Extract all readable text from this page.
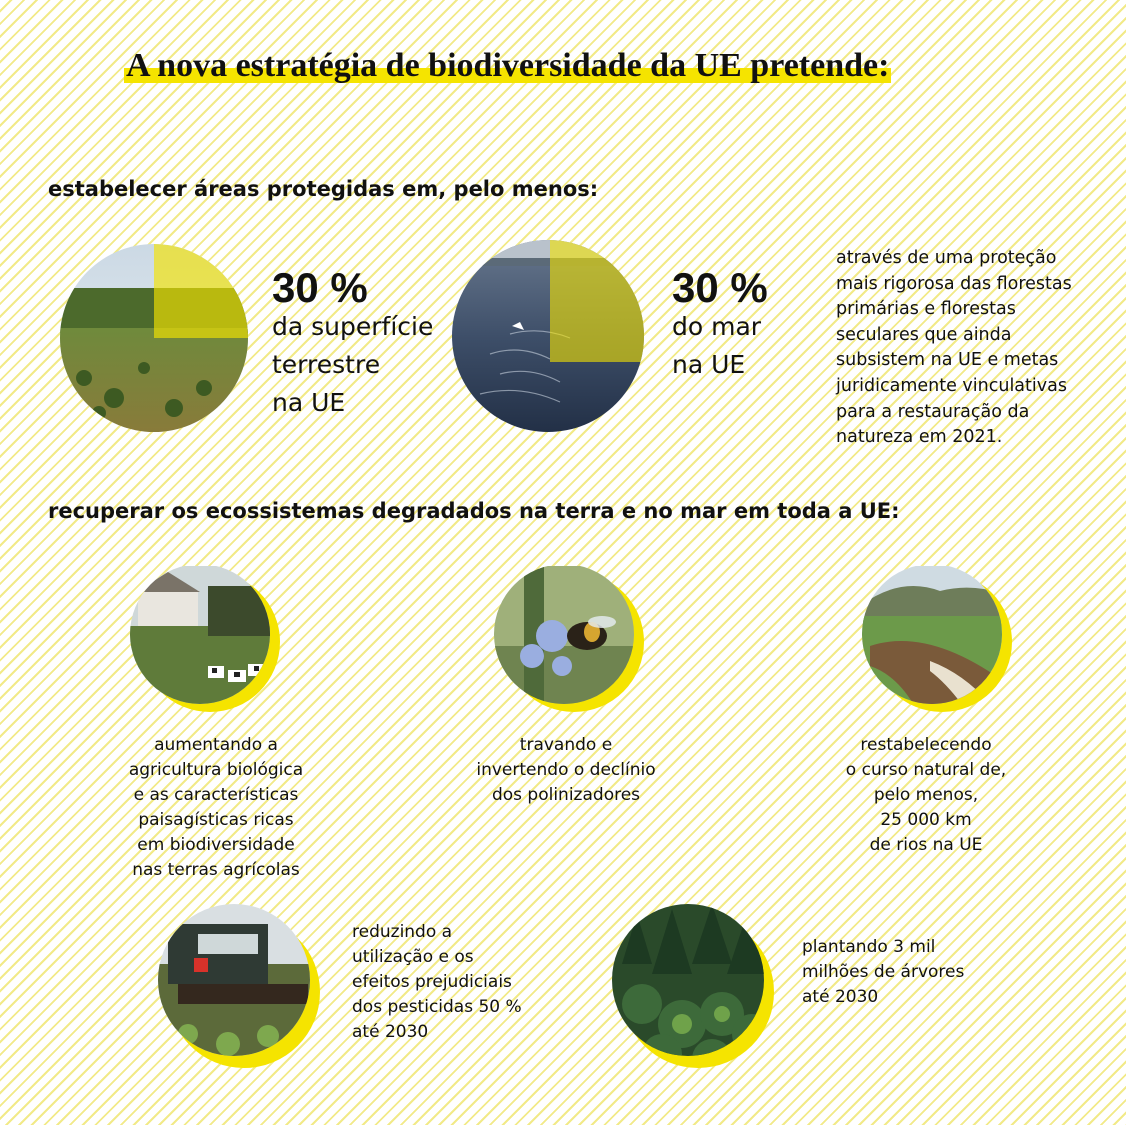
A nova estratégia de biodiversidade da UE pretende:
estabelecer áreas protegidas em, pelo menos:

30 %

da superfície
terrestre
na UE

30 %

do mar
na UE

através de uma proteção
mais rigorosa das florestas
primárias e florestas
seculares que ainda
subsistem na UE e metas
juridicamente vinculativas
para a restauração da
natureza em 2021.

recuperar os ecossistemas degradados na terra e no mar em toda a UE:

aumentando a
agricultura biológica
e as características
paisagísticas ricas
em biodiversidade
nas terras agrícolas

travando e
invertendo o declínio
dos polinizadores

restabelecendo
o curso natural de,
pelo menos,
25 000 km
de rios na UE

reduzindo a
utilização e os
efeitos prejudiciais
dos pesticidas 50 %
até 2030

plantando 3 mil
milhões de árvores
até 2030
